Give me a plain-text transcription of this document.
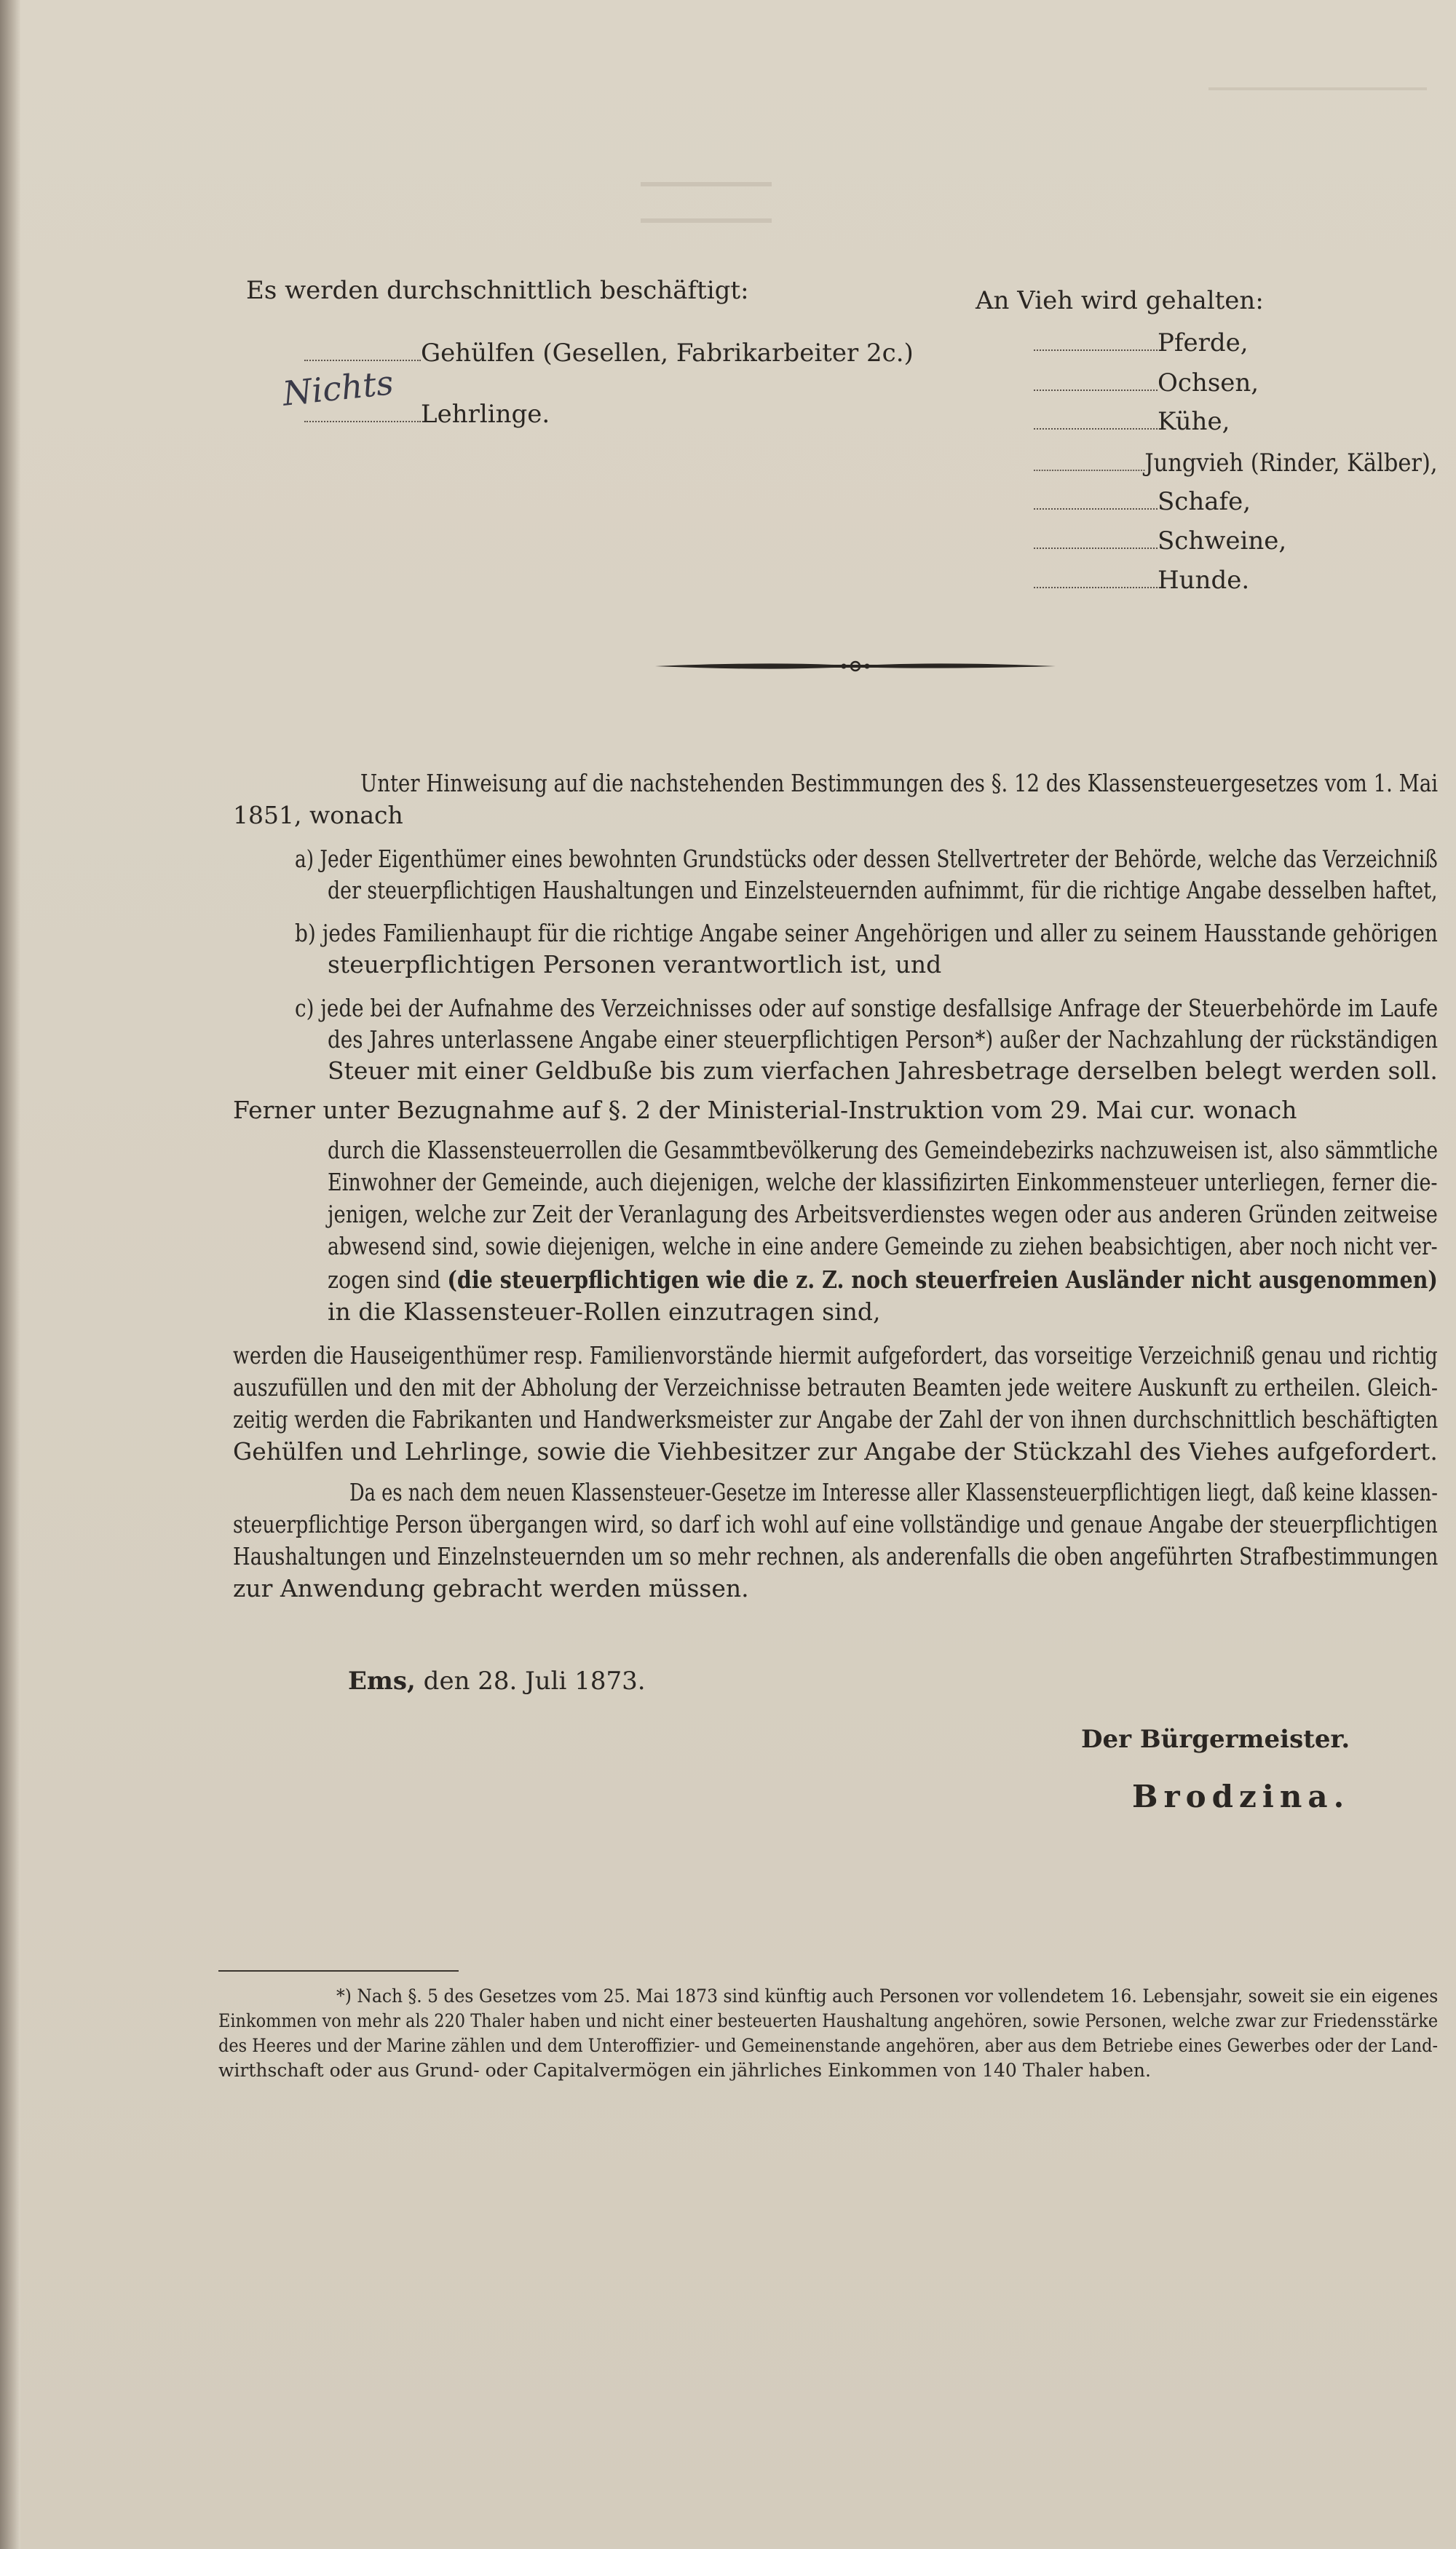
Es werden durchschnittlich beschäftigt:
Gehülfen (Gesellen, Fabrikarbeiter 2c.)
Lehrlinge.
Nichts
An Vieh wird gehalten:
Pferde,
Ochsen,
Kühe,
Jungvieh (Rinder, Kälber),
Schafe,
Schweine,
Hunde.
Unter Hinweisung auf die nachstehenden Bestimmungen des §. 12 des Klassensteuergesetzes vom 1. Mai
1851, wonach
a) Jeder Eigenthümer eines bewohnten Grundstücks oder dessen Stellvertreter der Behörde, welche das Verzeichniß
der steuerpflichtigen Haushaltungen und Einzelsteuernden aufnimmt, für die richtige Angabe desselben haftet,
b) jedes Familienhaupt für die richtige Angabe seiner Angehörigen und aller zu seinem Hausstande gehörigen
steuerpflichtigen Personen verantwortlich ist, und
c) jede bei der Aufnahme des Verzeichnisses oder auf sonstige desfallsige Anfrage der Steuerbehörde im Laufe
des Jahres unterlassene Angabe einer steuerpflichtigen Person*) außer der Nachzahlung der rückständigen
Steuer mit einer Geldbuße bis zum vierfachen Jahresbetrage derselben belegt werden soll.
Ferner unter Bezugnahme auf §. 2 der Ministerial-Instruktion vom 29. Mai cur. wonach
durch die Klassensteuerrollen die Gesammtbevölkerung des Gemeindebezirks nachzuweisen ist, also sämmtliche
Einwohner der Gemeinde, auch diejenigen, welche der klassifizirten Einkommensteuer unterliegen, ferner die-
jenigen, welche zur Zeit der Veranlagung des Arbeitsverdienstes wegen oder aus anderen Gründen zeitweise
abwesend sind, sowie diejenigen, welche in eine andere Gemeinde zu ziehen beabsichtigen, aber noch nicht ver-
zogen sind (die steuerpflichtigen wie die z. Z. noch steuerfreien Ausländer nicht ausgenommen)
in die Klassensteuer-Rollen einzutragen sind,
werden die Hauseigenthümer resp. Familienvorstände hiermit aufgefordert, das vorseitige Verzeichniß genau und richtig
auszufüllen und den mit der Abholung der Verzeichnisse betrauten Beamten jede weitere Auskunft zu ertheilen. Gleich-
zeitig werden die Fabrikanten und Handwerksmeister zur Angabe der Zahl der von ihnen durchschnittlich beschäftigten
Gehülfen und Lehrlinge, sowie die Viehbesitzer zur Angabe der Stückzahl des Viehes aufgefordert.
Da es nach dem neuen Klassensteuer-Gesetze im Interesse aller Klassensteuerpflichtigen liegt, daß keine klassen-
steuerpflichtige Person übergangen wird, so darf ich wohl auf eine vollständige und genaue Angabe der steuerpflichtigen
Haushaltungen und Einzelnsteuernden um so mehr rechnen, als anderenfalls die oben angeführten Strafbestimmungen
zur Anwendung gebracht werden müssen.
Ems, den 28. Juli 1873.
Der Bürgermeister.
Brodzina.
*) Nach §. 5 des Gesetzes vom 25. Mai 1873 sind künftig auch Personen vor vollendetem 16. Lebensjahr, soweit sie ein eigenes
Einkommen von mehr als 220 Thaler haben und nicht einer besteuerten Haushaltung angehören, sowie Personen, welche zwar zur Friedensstärke
des Heeres und der Marine zählen und dem Unteroffizier- und Gemeinenstande angehören, aber aus dem Betriebe eines Gewerbes oder der Land-
wirthschaft oder aus Grund- oder Capitalvermögen ein jährliches Einkommen von 140 Thaler haben.
